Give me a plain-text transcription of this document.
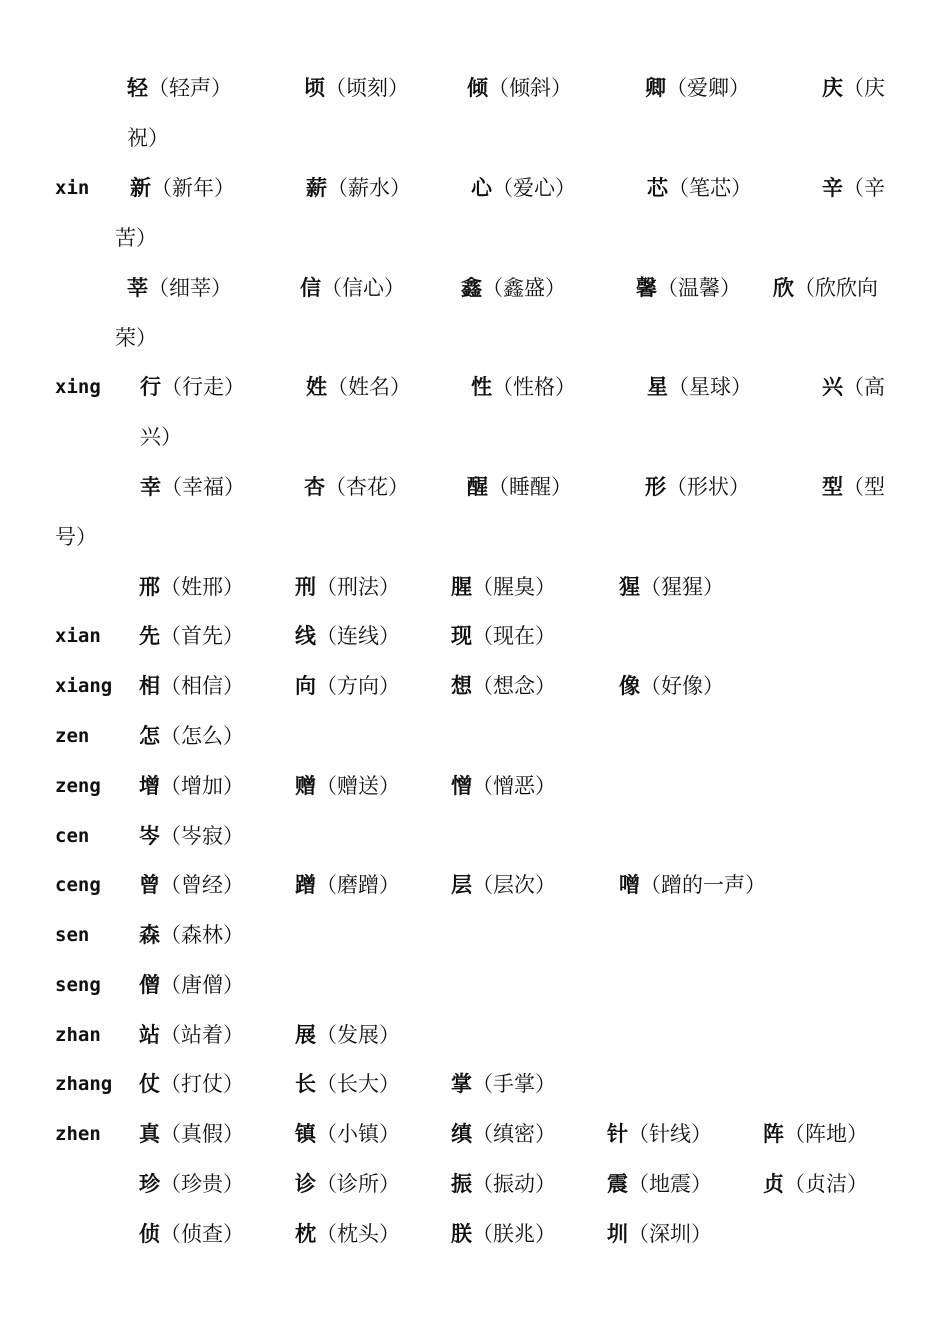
轻（轻声）	顷（顷刻）	倾（倾斜）	卿（爱卿）	庆（庆
祝）
xin 新（新年）	薪（薪水）	心（爱心）	芯（笔芯）	辛（辛
苦）
莘（细莘）	信（信心）	鑫（鑫盛）	馨（温馨） 欣（欣欣向
荣）
xing 行（行走）	姓（姓名）	性（性格）	星（星球）	兴（高
兴）
幸（幸福）	杏（杏花）	醒（睡醒）	形（形状）	型（型
号）
邢（姓邢） 刑（刑法） 腥（腥臭）	猩（猩猩）
xian 先（首先） 线（连线） 现（现在）
xiang 相（相信） 向（方向） 想（想念）	像（好像）
zen 怎（怎么）
zeng 增（增加） 赠（赠送） 憎（憎恶）
cen 岑（岑寂）
ceng 曾（曾经） 蹭（磨蹭） 层（层次）	噌（蹭的一声）
sen 森（森林）
seng 僧（唐僧）
zhan 站（站着） 展（发展）
zhang 仗（打仗） 长（长大） 掌（手掌）
zhen 真（真假） 镇（小镇） 缜（缜密） 针（针线） 阵（阵地）
珍（珍贵） 诊（诊所） 振（振动） 震（地震） 贞（贞洁）
侦（侦查） 枕（枕头） 朕（朕兆） 圳（深圳）
